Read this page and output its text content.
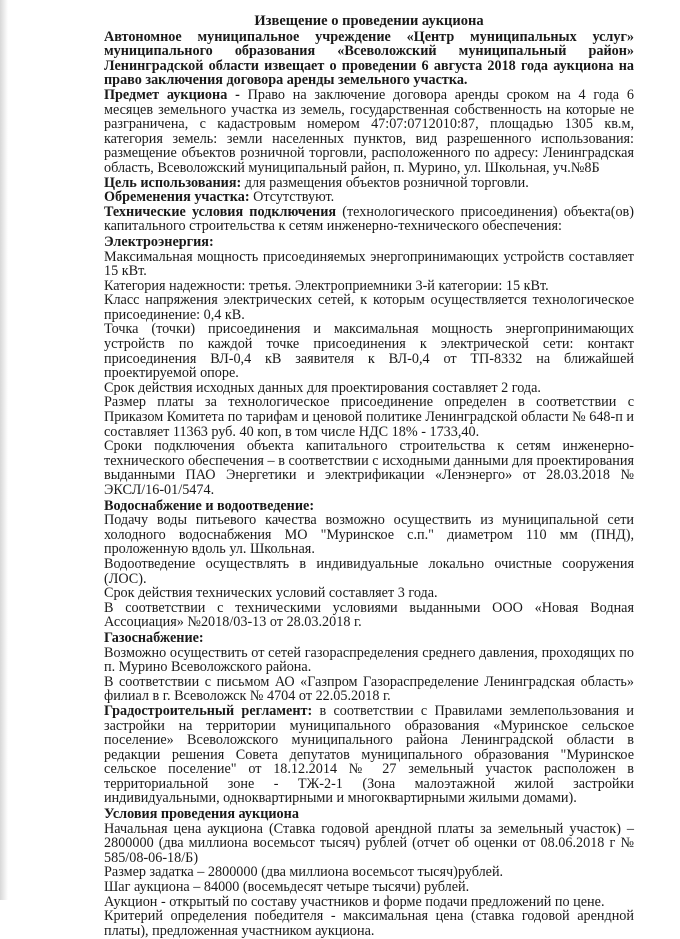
Извещение о проведении аукциона

Автономное муниципальное учреждение «Центр муниципальных услуг» муниципального образования «Всеволожский муниципальный район» Ленинградской области извещает о проведении 6 августа 2018 года аукциона на право заключения договора аренды земельного участка.

Предмет аукциона - Право на заключение договора аренды сроком на 4 года 6 месяцев земельного участка из земель, государственная собственность на которые не разграничена, с кадастровым номером 47:07:0712010:87, площадью 1305 кв.м, категория земель: земли населенных пунктов, вид разрешенного использования: размещение объектов розничной торговли, расположенного по адресу: Ленинградская область, Всеволожский муниципальный район, п. Мурино, ул. Школьная, уч.№8Б

Цель использования: для размещения объектов розничной торговли.

Обременения участка: Отсутствуют.

Технические условия подключения (технологического присоединения) объекта(ов) капитального строительства к сетям инженерно-технического обеспечения:

Электроэнергия:

Максимальная мощность присоединяемых энергопринимающих устройств составляет 15 кВт.

Категория надежности: третья. Электроприемники 3-й категории: 15 кВт.

Класс напряжения электрических сетей, к которым осуществляется технологическое присоединение: 0,4 кВ.

Точка (точки) присоединения и максимальная мощность энергопринимающих устройств по каждой точке присоединения к электрической сети: контакт присоединения ВЛ-0,4 кВ заявителя к ВЛ-0,4 от ТП-8332 на ближайшей проектируемой опоре.

Срок действия исходных данных для проектирования составляет 2 года.

Размер платы за технологическое присоединение определен в соответствии с Приказом Комитета по тарифам и ценовой политике Ленинградской области № 648-п и составляет 11363 руб. 40 коп, в том числе НДС 18% - 1733,40.

Сроки подключения объекта капитального строительства к сетям инженерно-технического обеспечения – в соответствии с исходными данными для проектирования выданными ПАО Энергетики и электрификации «Ленэнерго» от 28.03.2018 № ЭКСЛ/16-01/5474.

Водоснабжение и водоотведение:

Подачу воды питьевого качества возможно осуществить из муниципальной сети холодного водоснабжения МО "Муринское с.п." диаметром 110 мм (ПНД), проложенную вдоль ул. Школьная.

Водоотведение осуществлять в индивидуальные локально очистные сооружения (ЛОС).

Срок действия технических условий составляет 3 года.

В соответствии с техническими условиями выданными ООО «Новая Водная Ассоциация» №2018/03-13 от 28.03.2018 г.

Газоснабжение:

Возможно осуществить от сетей газораспределения среднего давления, проходящих по п. Мурино Всеволожского района.

В соответствии с письмом АО «Газпром Газораспределение Ленинградская область» филиал в г. Всеволожск № 4704 от 22.05.2018 г.

Градостроительный регламент: в соответствии с Правилами землепользования и застройки на территории муниципального образования «Муринское сельское поселение» Всеволожского муниципального района Ленинградской области в редакции решения Совета депутатов муниципального образования "Муринское сельское поселение" от 18.12.2014 № 27 земельный участок расположен в территориальной зоне - ТЖ-2-1 (Зона малоэтажной жилой застройки индивидуальными, одноквартирными и многоквартирными жилыми домами).

Условия проведения аукциона

Начальная цена аукциона (Ставка годовой арендной платы за земельный участок) – 2800000 (два миллиона восемьсот тысяч) рублей (отчет об оценки от 08.06.2018 г № 585/08-06-18/Б)

Размер задатка – 2800000 (два миллиона восемьсот тысяч)рублей.

Шаг аукциона – 84000 (восемьдесят четыре тысячи) рублей.

Аукцион - открытый по составу участников и форме подачи предложений по цене.

Критерий определения победителя - максимальная цена (ставка годовой арендной платы), предложенная участником аукциона.
